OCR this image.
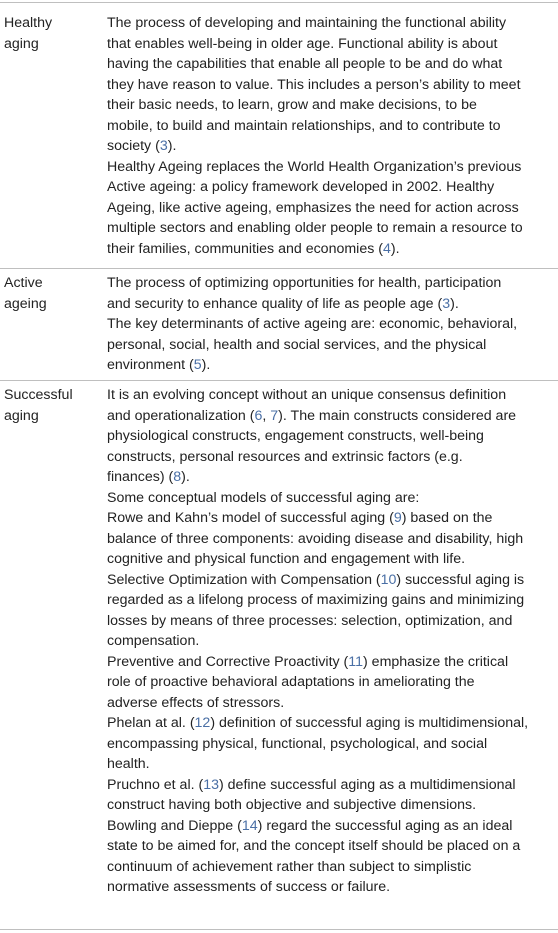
Healthy
aging
The process of developing and maintaining the functional ability
that enables well-being in older age. Functional ability is about
having the capabilities that enable all people to be and do what
they have reason to value. This includes a person’s ability to meet
their basic needs, to learn, grow and make decisions, to be
mobile, to build and maintain relationships, and to contribute to
society (3).
Healthy Ageing replaces the World Health Organization’s previous
Active ageing: a policy framework developed in 2002. Healthy
Ageing, like active ageing, emphasizes the need for action across
multiple sectors and enabling older people to remain a resource to
their families, communities and economies (4).
Active
ageing
The process of optimizing opportunities for health, participation
and security to enhance quality of life as people age (3).
The key determinants of active ageing are: economic, behavioral,
personal, social, health and social services, and the physical
environment (5).
Successful
aging
It is an evolving concept without an unique consensus definition
and operationalization (6, 7). The main constructs considered are
physiological constructs, engagement constructs, well-being
constructs, personal resources and extrinsic factors (e.g.
finances) (8).
Some conceptual models of successful aging are:
Rowe and Kahn’s model of successful aging (9) based on the
balance of three components: avoiding disease and disability, high
cognitive and physical function and engagement with life.
Selective Optimization with Compensation (10) successful aging is
regarded as a lifelong process of maximizing gains and minimizing
losses by means of three processes: selection, optimization, and
compensation.
Preventive and Corrective Proactivity (11) emphasize the critical
role of proactive behavioral adaptations in ameliorating the
adverse effects of stressors.
Phelan at al. (12) definition of successful aging is multidimensional,
encompassing physical, functional, psychological, and social
health.
Pruchno et al. (13) define successful aging as a multidimensional
construct having both objective and subjective dimensions.
Bowling and Dieppe (14) regard the successful aging as an ideal
state to be aimed for, and the concept itself should be placed on a
continuum of achievement rather than subject to simplistic
normative assessments of success or failure.
